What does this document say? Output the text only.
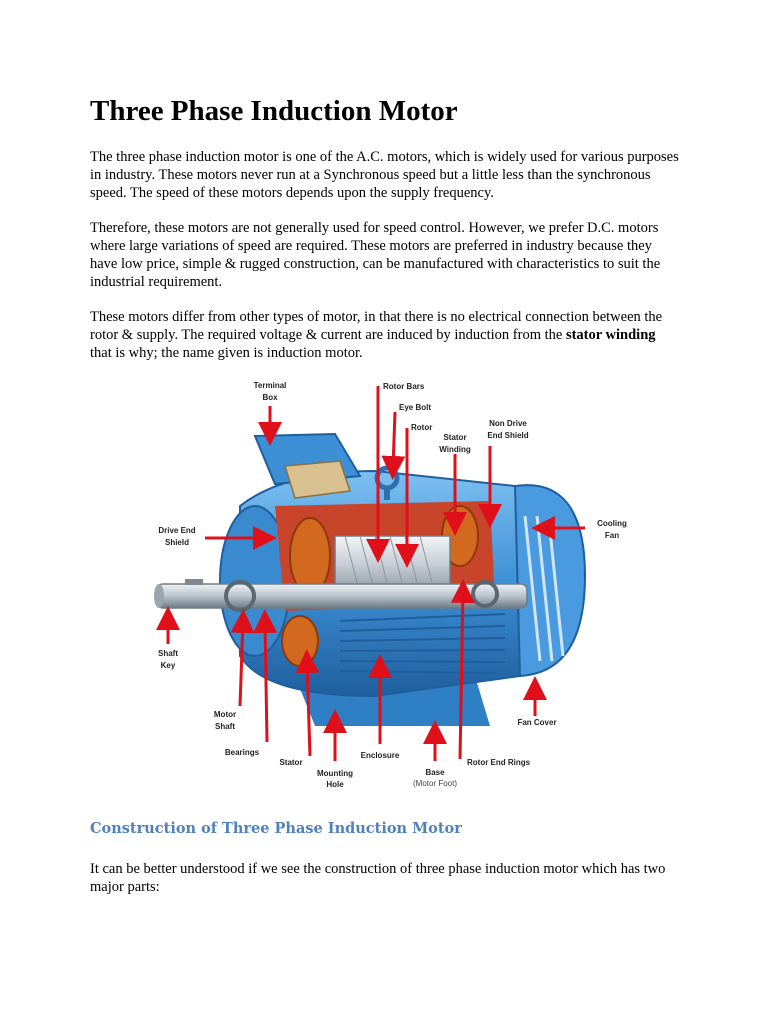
Three Phase Induction Motor

The three phase induction motor is one of the A.C. motors, which is widely used for various purposes in industry. These motors never run at a Synchronous speed but a little less than the synchronous speed. The speed of these motors depends upon the supply frequency.

Therefore, these motors are not generally used for speed control. However, we prefer D.C. motors where large variations of speed are required. These motors are preferred in industry because they have low price, simple & rugged construction, can be manufactured with characteristics to suit the industrial requirement.

These motors differ from other types of motor, in that there is no electrical connection between the rotor & supply. The required voltage & current are induced by induction from the stator winding that is why; the name given is induction motor.

Construction of Three Phase Induction Motor

It can be better understood if we see the construction of three phase induction motor which has two major parts:

Terminal
Box
Rotor Bars
Eye Bolt
Rotor
Stator
Winding
Non Drive
End Shield
Drive End
Shield
Cooling
Fan
Shaft
Key
Motor
Shaft
Bearings
Stator
Enclosure
Mounting
Hole
Base
(Motor Foot)
Rotor End Rings
Fan Cover
